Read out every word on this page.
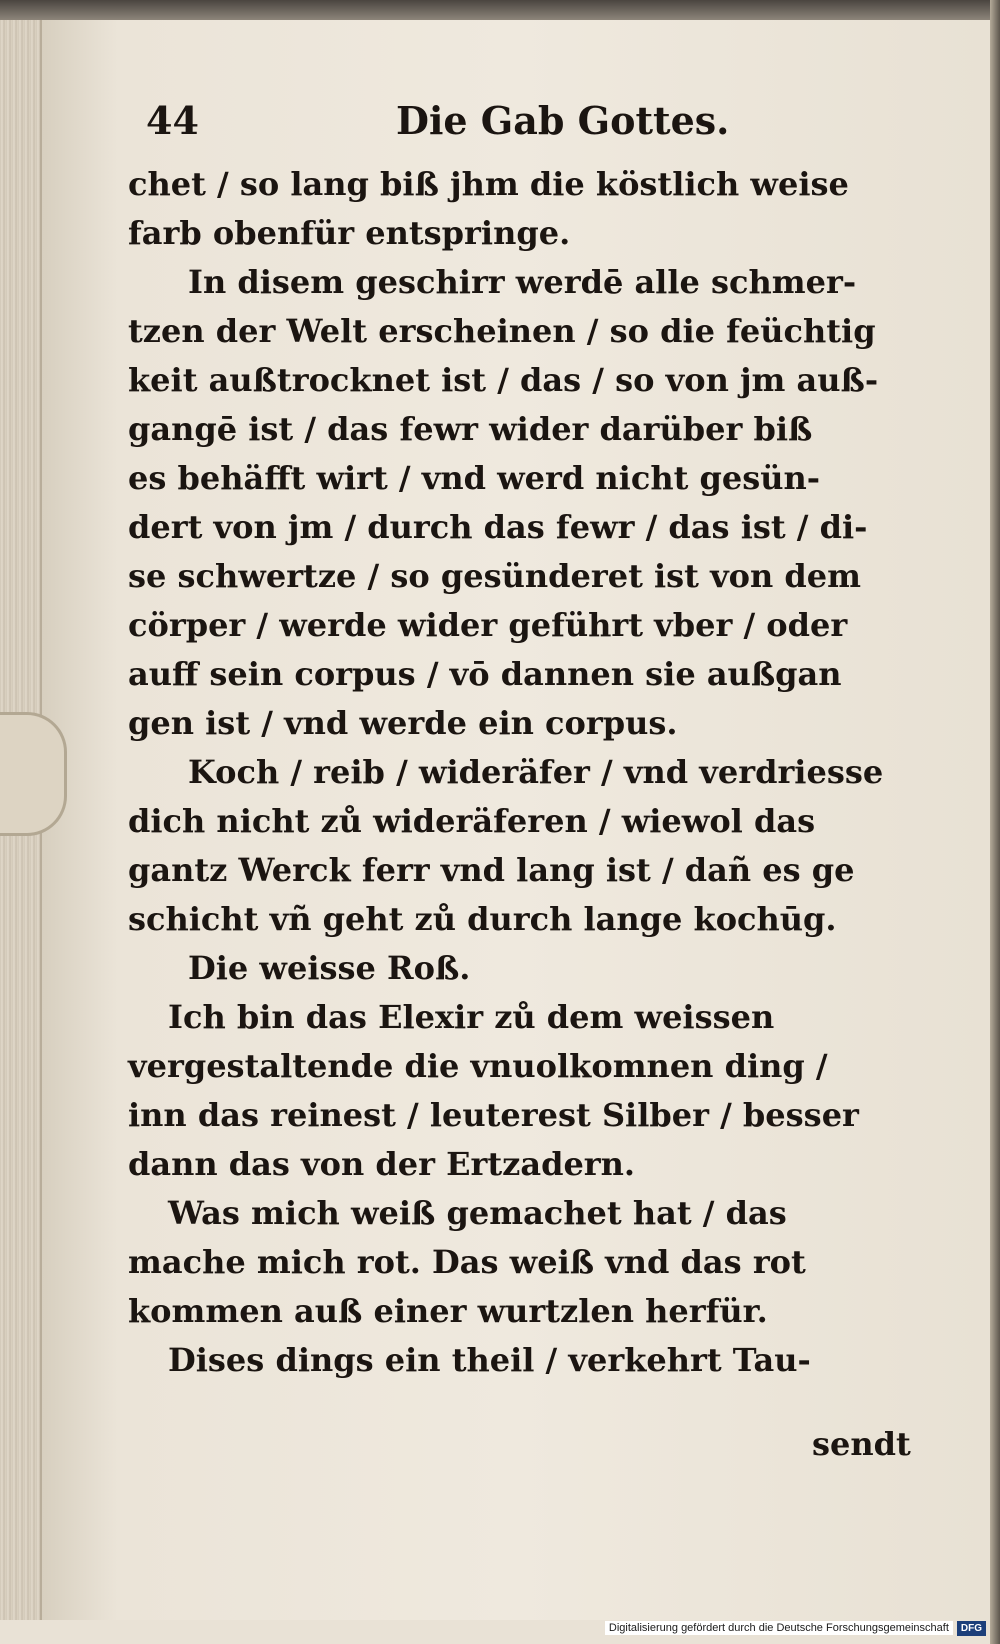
44	Die Gab Gottes.
chet / so lang biß jhm die köstlich weise
farb obenfür entspringe.
In disem geschirr werdē alle schmer-
tzen der Welt erscheinen / so die feüchtig
keit außtrocknet ist / das / so von jm auß-
gangē ist / das fewr wider darüber biß
es behäfft wirt / vnd werd nicht gesün-
dert von jm / durch das fewr / das ist / di-
se schwertze / so gesünderet ist von dem
cörper / werde wider geführt vber / oder
auff sein corpus / vō dannen sie außgan
gen ist / vnd werde ein corpus.
Koch / reib / wideräfer / vnd verdriesse
dich nicht zů wideräferen / wiewol das
gantz Werck ferr vnd lang ist / dañ es ge
schicht vñ geht zů durch lange kochūg.
Die weisse Roß.
Ich bin das Elexir zů dem weissen
vergestaltende die vnuolkomnen ding /
inn das reinest / leuterest Silber / besser
dann das von der Ertzadern.
Was mich weiß gemachet hat / das
mache mich rot. Das weiß vnd das rot
kommen auß einer wurtzlen herfür.
Dises dings ein theil / verkehrt Tau-
sendt
Digitalisierung gefördert durch die Deutsche Forschungsgemeinschaft	DFG
